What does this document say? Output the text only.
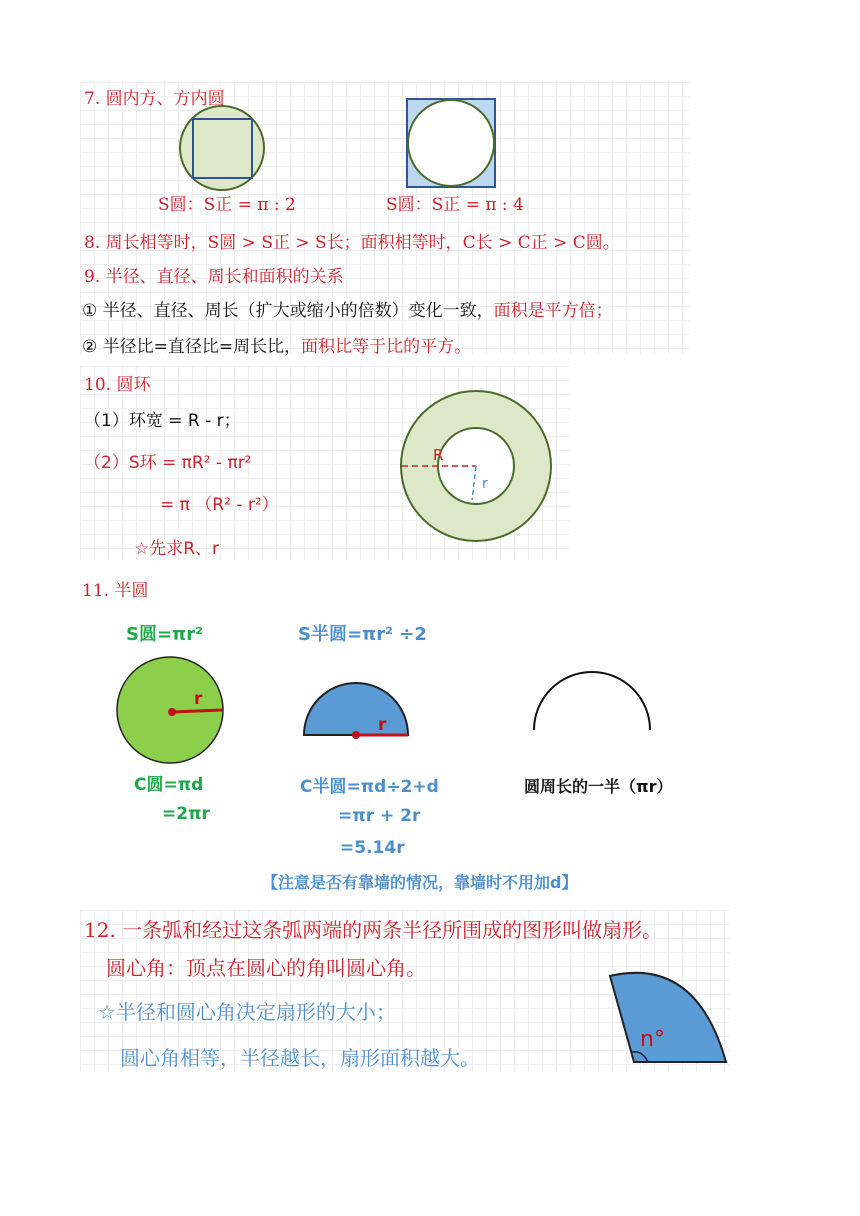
7. 圆内方、方内圆
S圆：S正 = π : 2	S圆：S正 = π : 4
8. 周长相等时，S圆 > S正 > S长；面积相等时，C长 > C正 > C圆。
9. 半径、直径、周长和面积的关系
① 半径、直径、周长（扩大或缩小的倍数）变化一致，面积是平方倍；
② 半径比=直径比=周长比，面积比等于比的平方。
10. 圆环
（1）环宽 = R - r；
（2）S环 = πR² - πr²
= π （R² - r²）
☆先求R、r
R
r
11. 半圆
S圆=πr²	S半圆=πr² ÷2
r
r
C圆=πd
=2πr
C半圆=πd÷2+d
=πr + 2r
=5.14r
圆周长的一半（πr）
【注意是否有靠墙的情况，靠墙时不用加d】
12. 一条弧和经过这条弧两端的两条半径所围成的图形叫做扇形。
圆心角：顶点在圆心的角叫圆心角。
☆半径和圆心角决定扇形的大小；
圆心角相等，半径越长，扇形面积越大。
n°
